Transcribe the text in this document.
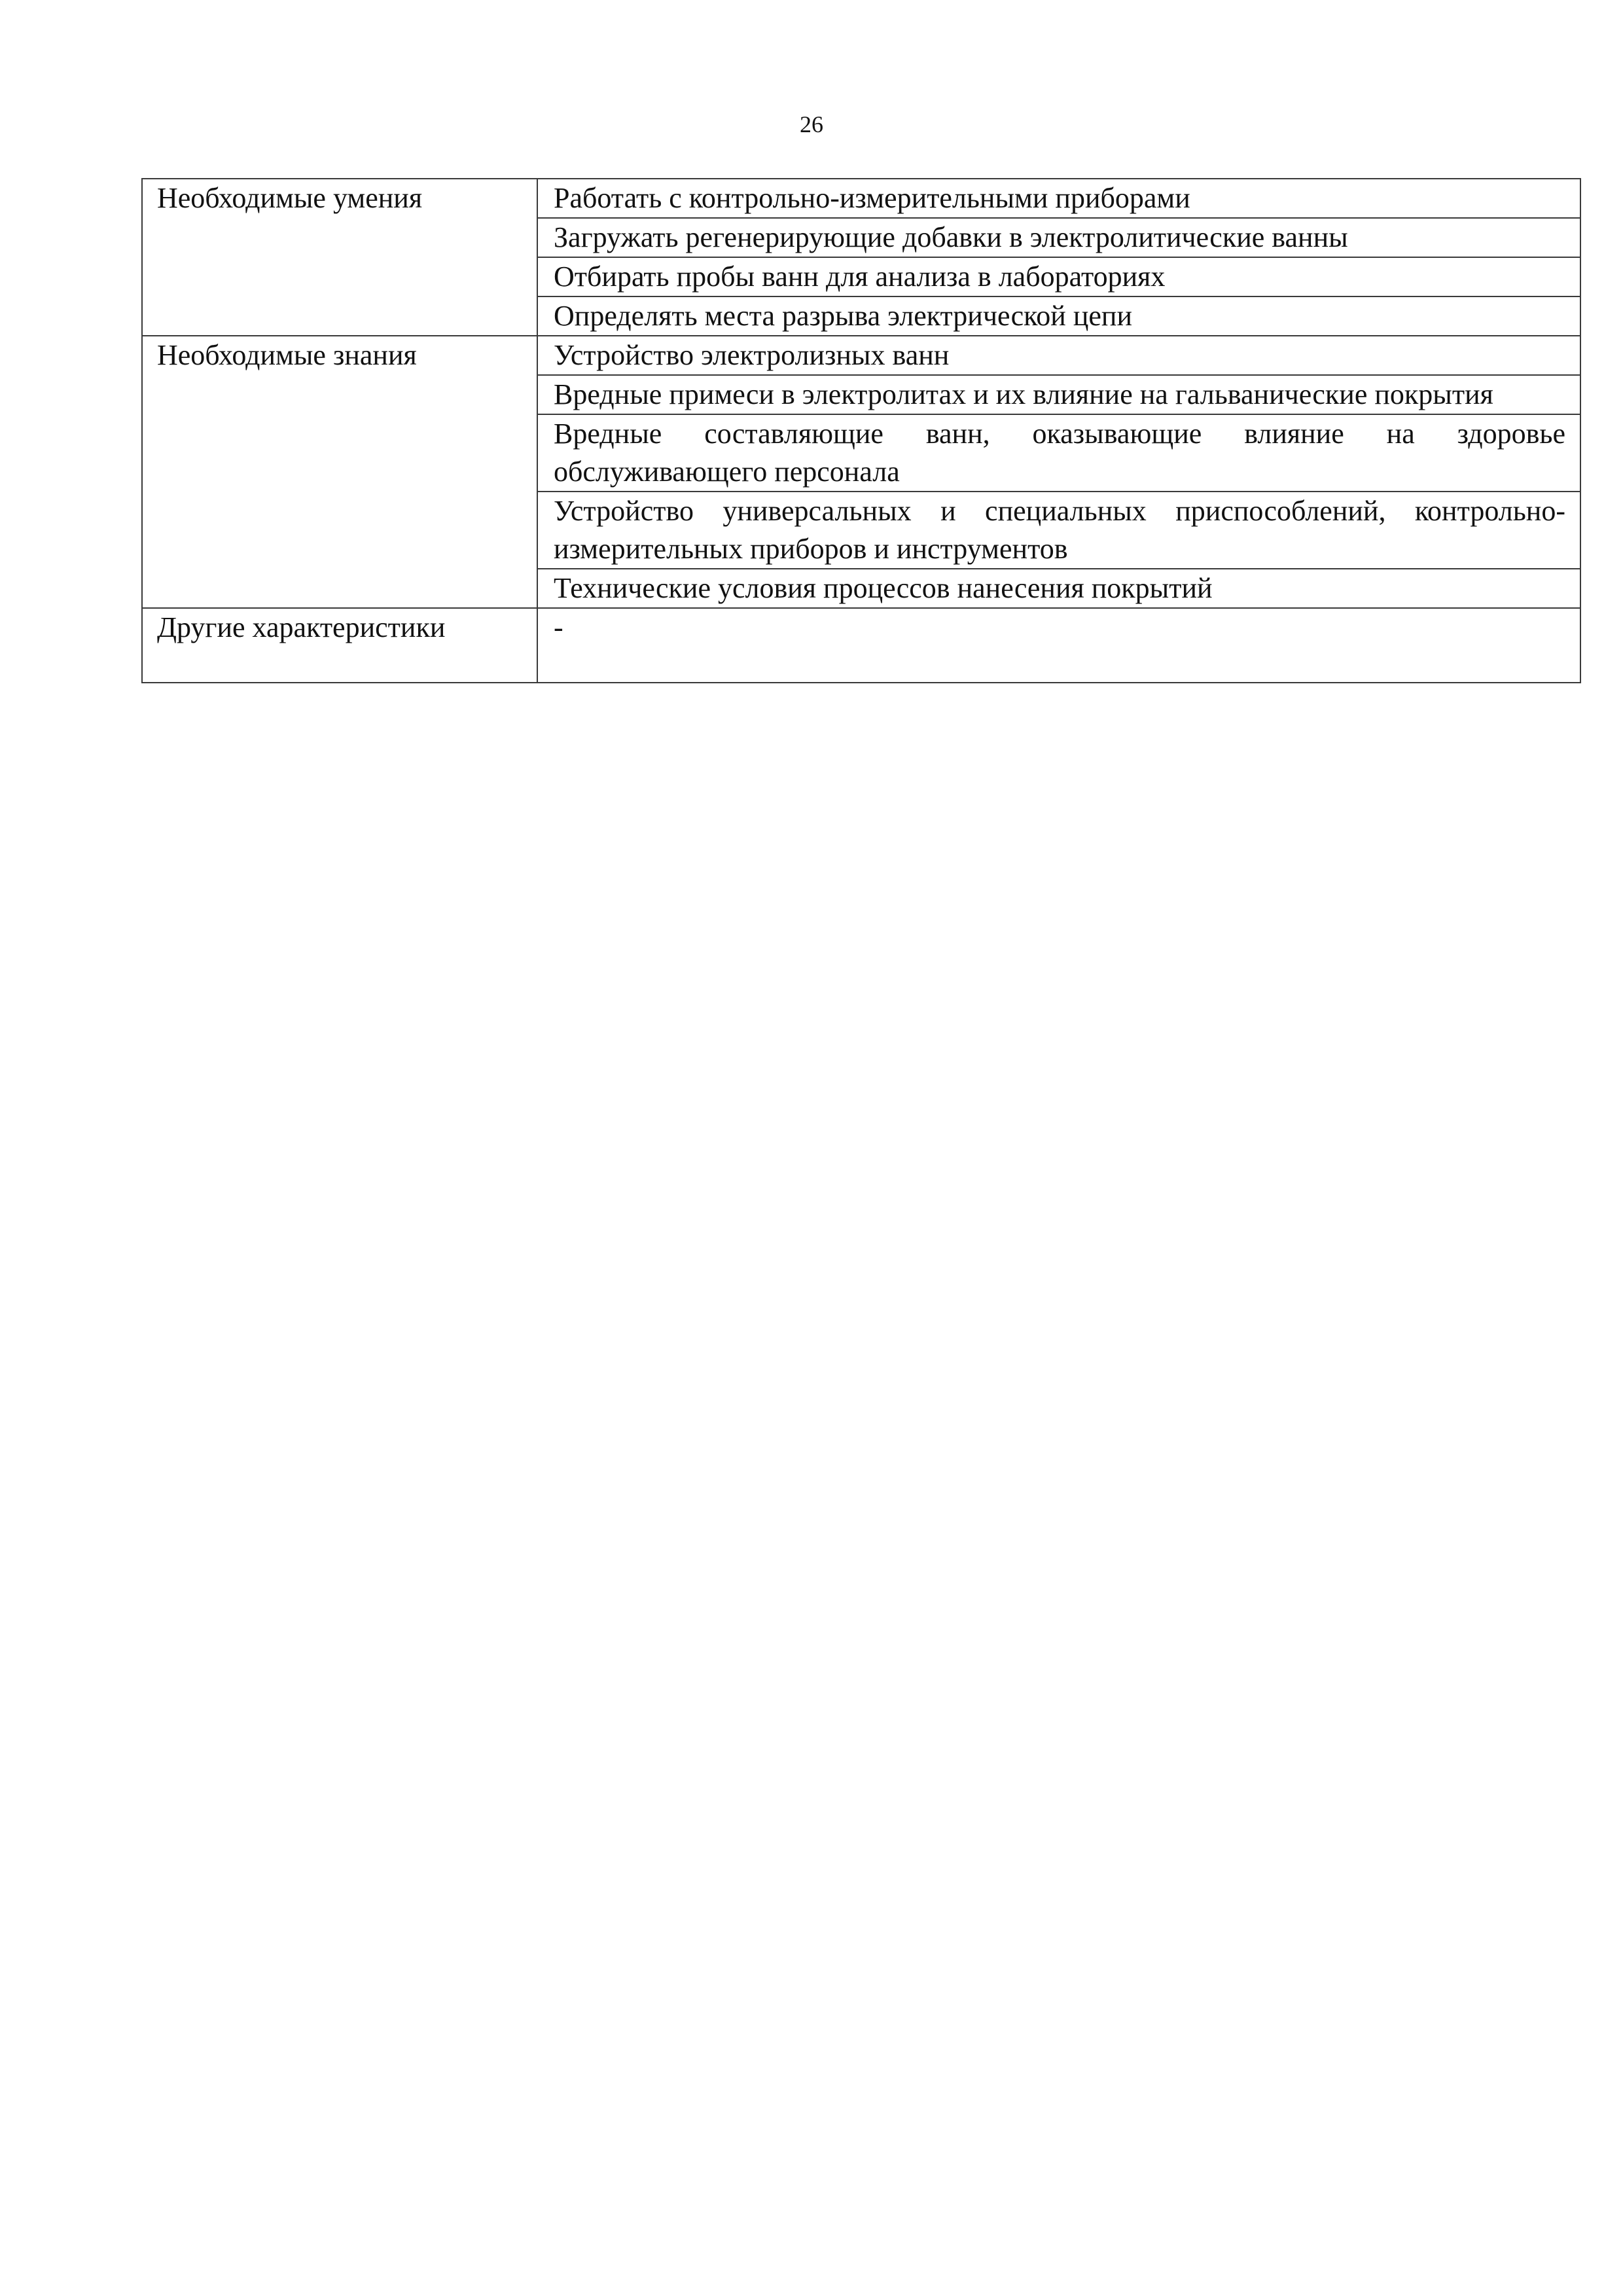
26
Необходимые умения	Работать с контрольно-измерительными приборами
	Загружать регенерирующие добавки в электролитические ванны
	Отбирать пробы ванн для анализа в лабораториях
	Определять места разрыва электрической цепи
Необходимые знания	Устройство электролизных ванн
	Вредные примеси в электролитах и их влияние на гальванические покрытия
	Вредные составляющие ванн, оказывающие влияние на здоровье обслуживающего персонала
	Устройство универсальных и специальных приспособлений, контрольно-измерительных приборов и инструментов
	Технические условия процессов нанесения покрытий
Другие характеристики	-
